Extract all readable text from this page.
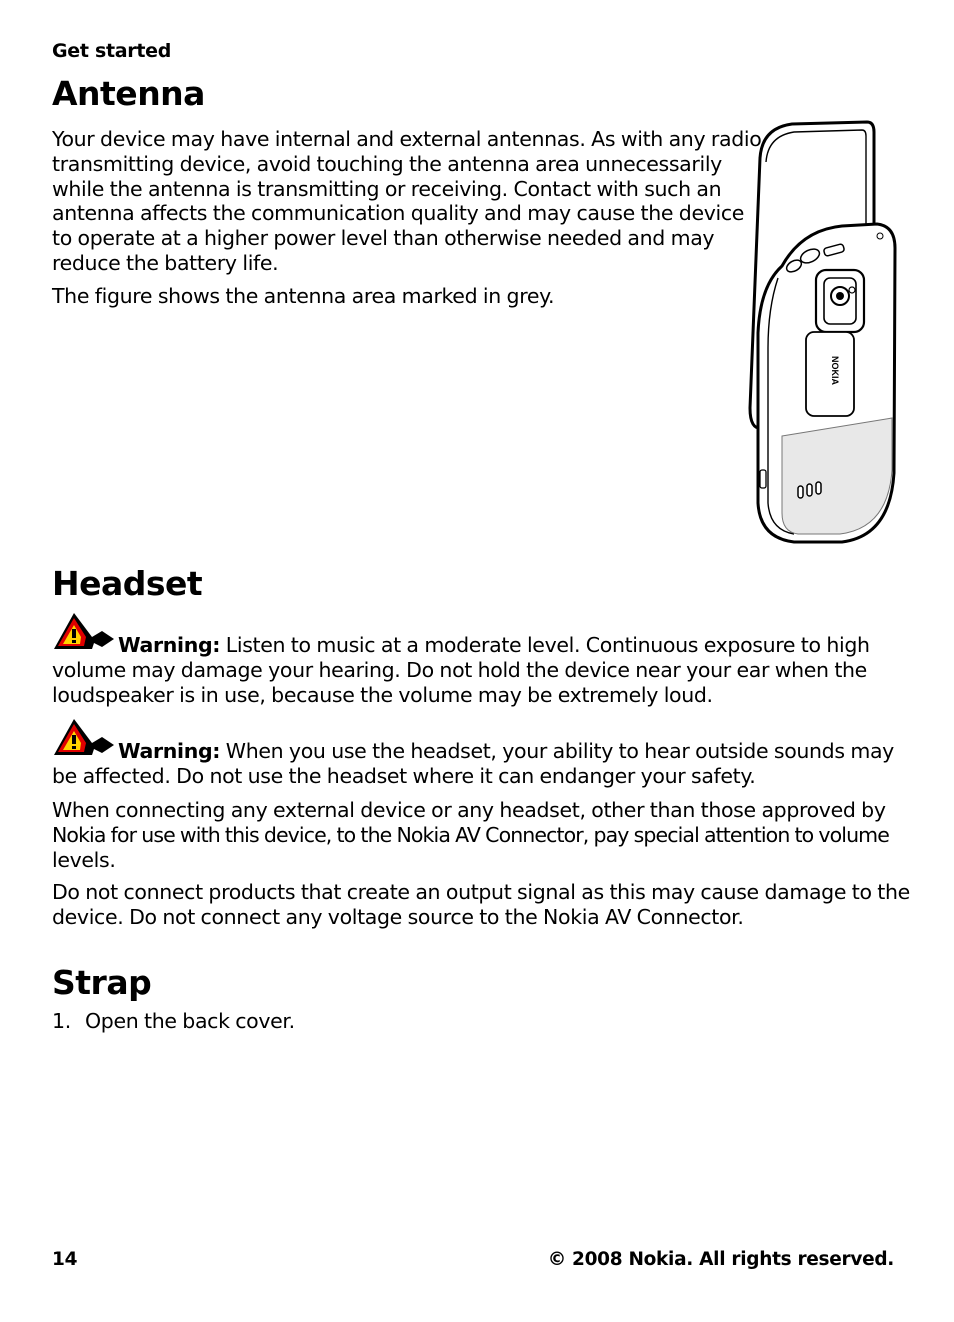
Get started
Antenna

Your device may have internal and external antennas. As with any radio
transmitting device, avoid touching the antenna area unnecessarily
while the antenna is transmitting or receiving. Contact with such an
antenna affects the communication quality and may cause the device
to operate at a higher power level than otherwise needed and may
reduce the battery life.

The figure shows the antenna area marked in grey.

NOKIA
Headset

Warning: Listen to music at a moderate level. Continuous exposure to high
volume may damage your hearing. Do not hold the device near your ear when the
loudspeaker is in use, because the volume may be extremely loud.

Warning: When you use the headset, your ability to hear outside sounds may
be affected. Do not use the headset where it can endanger your safety.

When connecting any external device or any headset, other than those approved by
Nokia for use with this device, to the Nokia AV Connector, pay special attention to volume
levels.

Do not connect products that create an output signal as this may cause damage to the
device. Do not connect any voltage source to the Nokia AV Connector.

Strap

1. Open the back cover.

14	© 2008 Nokia. All rights reserved.
